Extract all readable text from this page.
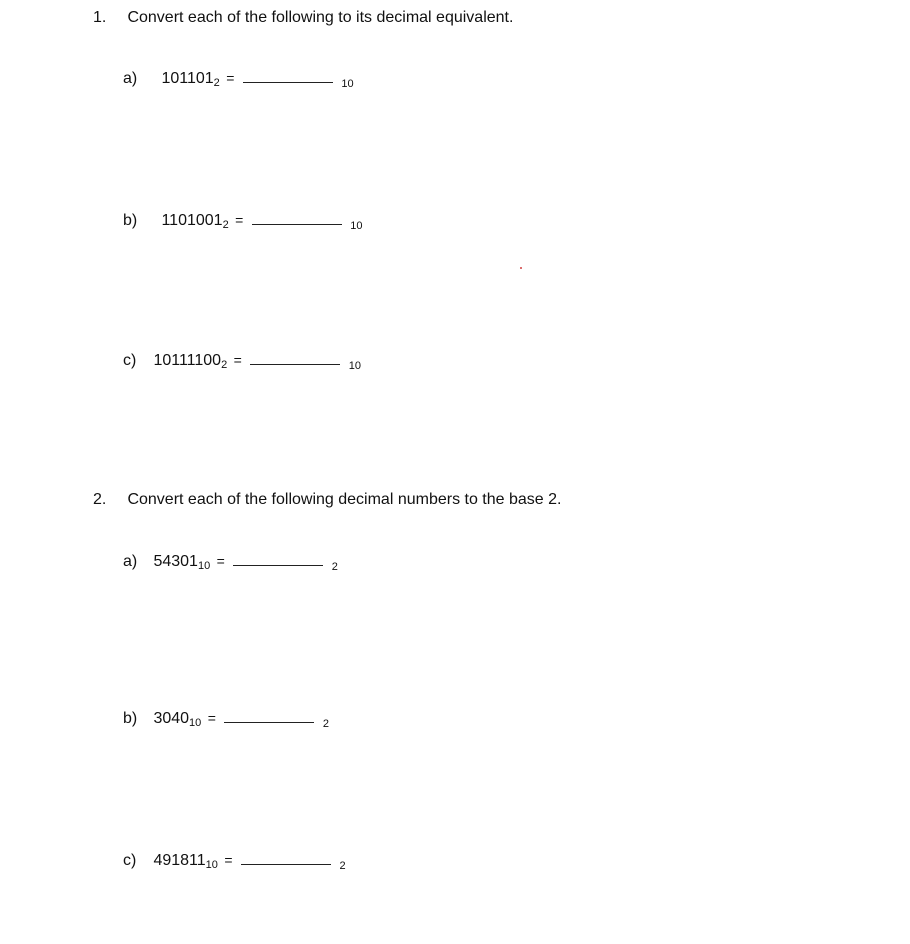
1. Convert each of the following to its decimal equivalent.
a) 1011012 =	$_{10}$
b) 11010012 =	$_{10}$
c) 101111002 =	$_{10}$
2. Convert each of the following decimal numbers to the base 2.
a) 5430110 =	$_2$
b) 304010 =	$_2$
c) 49181110 =	$_2$
